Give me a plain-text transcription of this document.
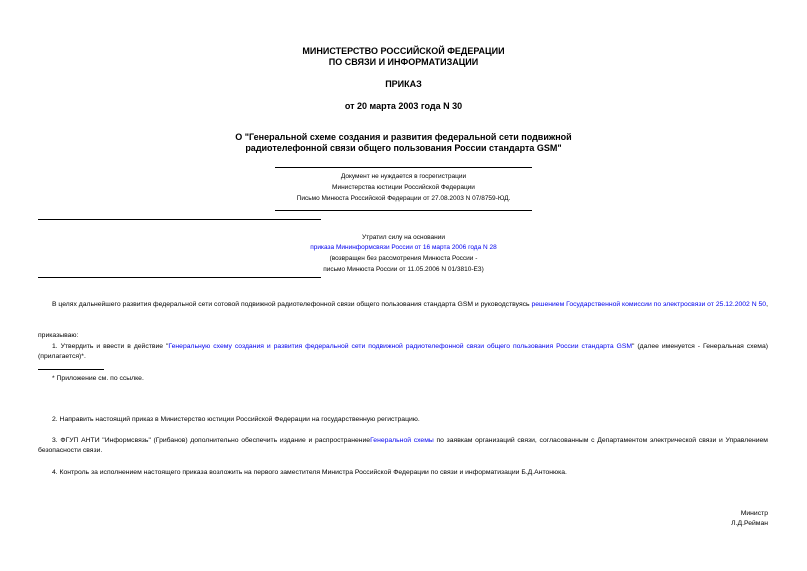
МИНИСТЕРСТВО РОССИЙСКОЙ ФЕДЕРАЦИИ
ПО СВЯЗИ И ИНФОРМАТИЗАЦИИ
ПРИКАЗ
от 20 марта 2003 года N 30
О "Генеральной схеме создания и развития федеральной сети подвижной
радиотелефонной связи общего пользования России стандарта GSM"
Документ не нуждается в госрегистрации
Министерства юстиции Российской Федерации
Письмо Минюста Российской Федерации от 27.08.2003 N 07/8759-ЮД.
Утратил силу на основании
приказа Мининформсвязи России от 16 марта 2006 года N 28
(возвращен без рассмотрения Минюста России -
письмо Минюста России от 11.05.2006 N 01/3810-ЕЗ)
В целях дальнейшего развития федеральной сети сотовой подвижной радиотелефонной связи общего пользования стандарта GSM и руководствуясь решением Государственной комиссии по электросвязи от 25.12.2002 N 50,
приказываю:
1. Утвердить и ввести в действие "Генеральную схему создания и развития федеральной сети подвижной радиотелефонной связи общего пользования России стандарта GSM" (далее именуется - Генеральная схема) (прилагается)*.
* Приложение см. по ссылке.
2. Направить настоящий приказ в Министерство юстиции Российской Федерации на государственную регистрацию.
3. ФГУП АНТИ "Информсвязь" (Грибанов) дополнительно обеспечить издание и распространениеГенеральной схемы по заявкам организаций связи, согласованным с Департаментом электрической связи и Управлением безопасности связи.
4. Контроль за исполнением настоящего приказа возложить на первого заместителя Министра Российской Федерации по связи и информатизации Б.Д.Антонюка.
Министр
Л.Д.Рейман
